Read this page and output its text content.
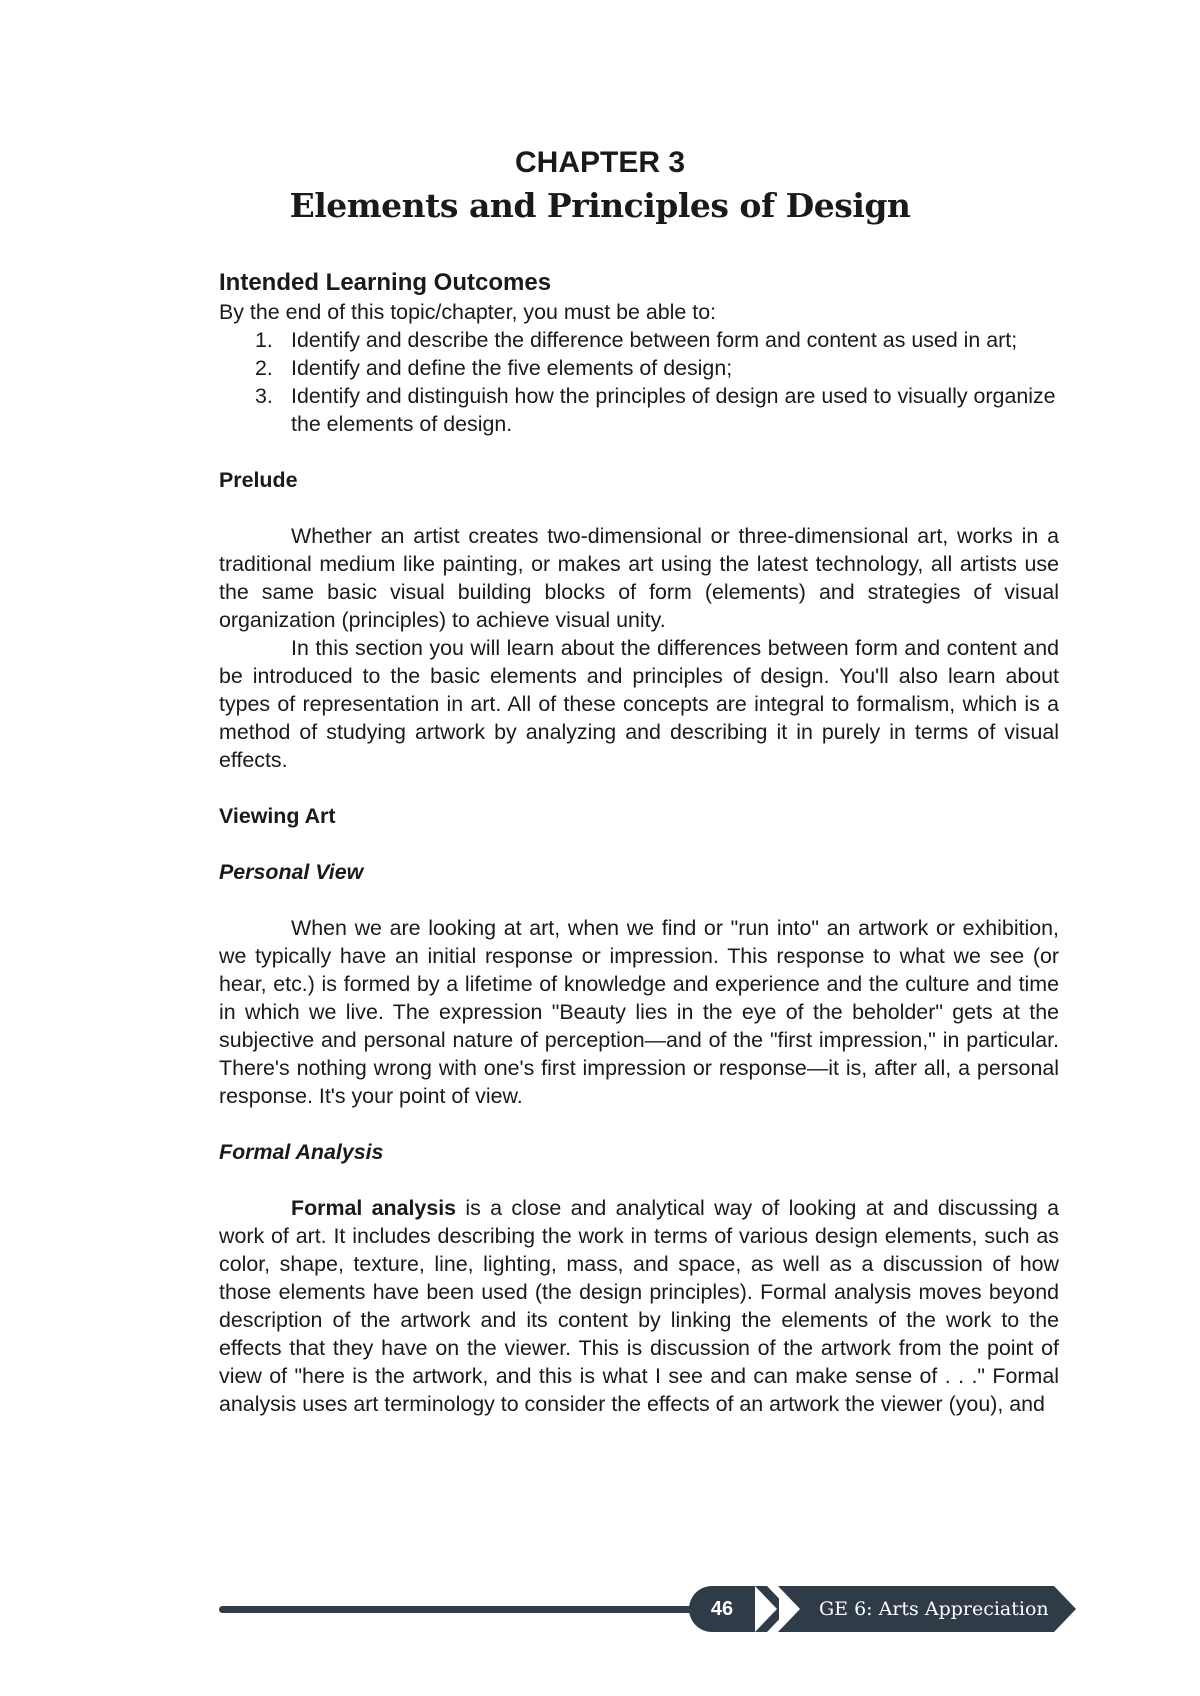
CHAPTER 3
Elements and Principles of Design
Intended Learning Outcomes
By the end of this topic/chapter, you must be able to:
1. Identify and describe the difference between form and content as used in art;
2. Identify and define the five elements of design;
3. Identify and distinguish how the principles of design are used to visually organize the elements of design.
Prelude

Whether an artist creates two-dimensional or three-dimensional art, works in a traditional medium like painting, or makes art using the latest technology, all artists use the same basic visual building blocks of form (elements) and strategies of visual organization (principles) to achieve visual unity.

In this section you will learn about the differences between form and content and be introduced to the basic elements and principles of design. You'll also learn about types of representation in art. All of these concepts are integral to formalism, which is a method of studying artwork by analyzing and describing it in purely in terms of visual effects.

Viewing Art
Personal View

When we are looking at art, when we find or "run into" an artwork or exhibition, we typically have an initial response or impression. This response to what we see (or hear, etc.) is formed by a lifetime of knowledge and experience and the culture and time in which we live. The expression "Beauty lies in the eye of the beholder" gets at the subjective and personal nature of perception—and of the "first impression," in particular. There's nothing wrong with one's first impression or response—it is, after all, a personal response. It's your point of view.

Formal Analysis

Formal analysis is a close and analytical way of looking at and discussing a work of art. It includes describing the work in terms of various design elements, such as color, shape, texture, line, lighting, mass, and space, as well as a discussion of how those elements have been used (the design principles). Formal analysis moves beyond description of the artwork and its content by linking the elements of the work to the effects that they have on the viewer. This is discussion of the artwork from the point of view of "here is the artwork, and this is what I see and can make sense of . . ." Formal analysis uses art terminology to consider the effects of an artwork the viewer (you), and

46	GE 6: Arts Appreciation
